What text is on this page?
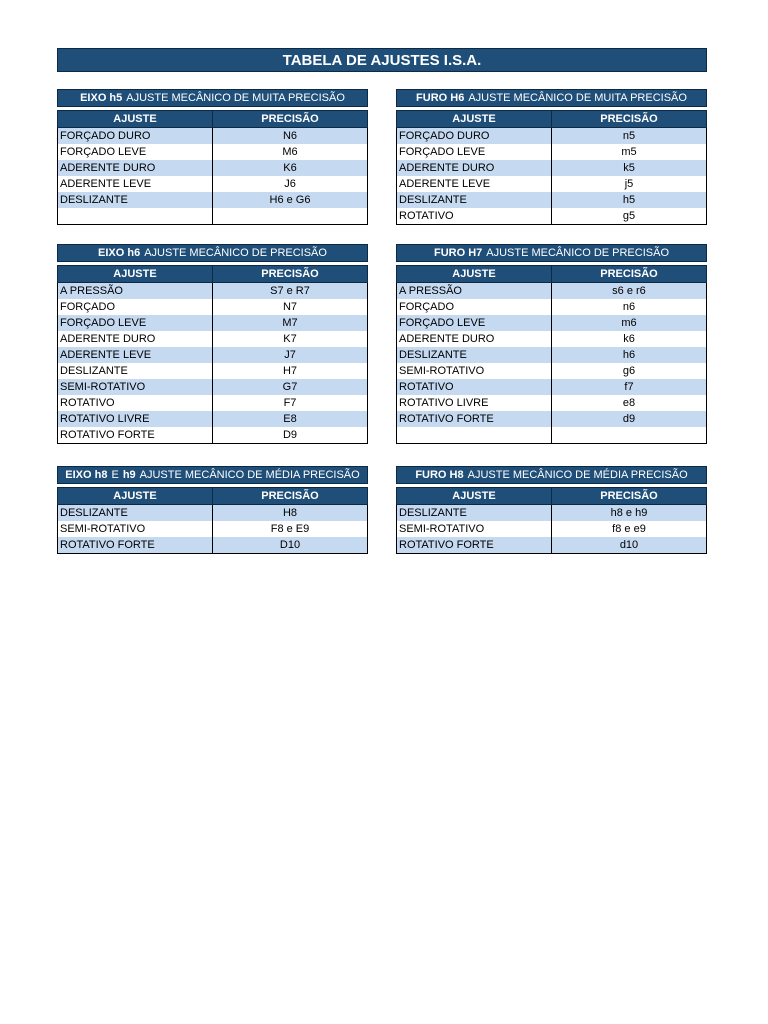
TABELA DE AJUSTES I.S.A.
EIXO h5 AJUSTE MECÂNICO DE MUITA PRECISÃO
AJUSTE	PRECISÃO
FORÇADO DURO	N6
FORÇADO LEVE	M6
ADERENTE DURO	K6
ADERENTE LEVE	J6
DESLIZANTE	H6 e G6

FURO H6 AJUSTE MECÂNICO DE MUITA PRECISÃO
AJUSTE	PRECISÃO
FORÇADO DURO	n5
FORÇADO LEVE	m5
ADERENTE DURO	k5
ADERENTE LEVE	j5
DESLIZANTE	h5
ROTATIVO	g5
EIXO h6 AJUSTE MECÂNICO DE PRECISÃO
AJUSTE	PRECISÃO
A PRESSÃO	S7 e R7
FORÇADO	N7
FORÇADO LEVE	M7
ADERENTE DURO	K7
ADERENTE LEVE	J7
DESLIZANTE	H7
SEMI-ROTATIVO	G7
ROTATIVO	F7
ROTATIVO LIVRE	E8
ROTATIVO FORTE	D9
FURO H7 AJUSTE MECÂNICO DE PRECISÃO
AJUSTE	PRECISÃO
A PRESSÃO	s6 e r6
FORÇADO	n6
FORÇADO LEVE	m6
ADERENTE DURO	k6
DESLIZANTE	h6
SEMI-ROTATIVO	g6
ROTATIVO	f7
ROTATIVO LIVRE	e8
ROTATIVO FORTE	d9

EIXO h8 E h9 AJUSTE MECÂNICO DE MÉDIA PRECISÃO
AJUSTE	PRECISÃO
DESLIZANTE	H8
SEMI-ROTATIVO	F8 e E9
ROTATIVO FORTE	D10
FURO H8 AJUSTE MECÂNICO DE MÉDIA PRECISÃO
AJUSTE	PRECISÃO
DESLIZANTE	h8 e h9
SEMI-ROTATIVO	f8 e e9
ROTATIVO FORTE	d10
